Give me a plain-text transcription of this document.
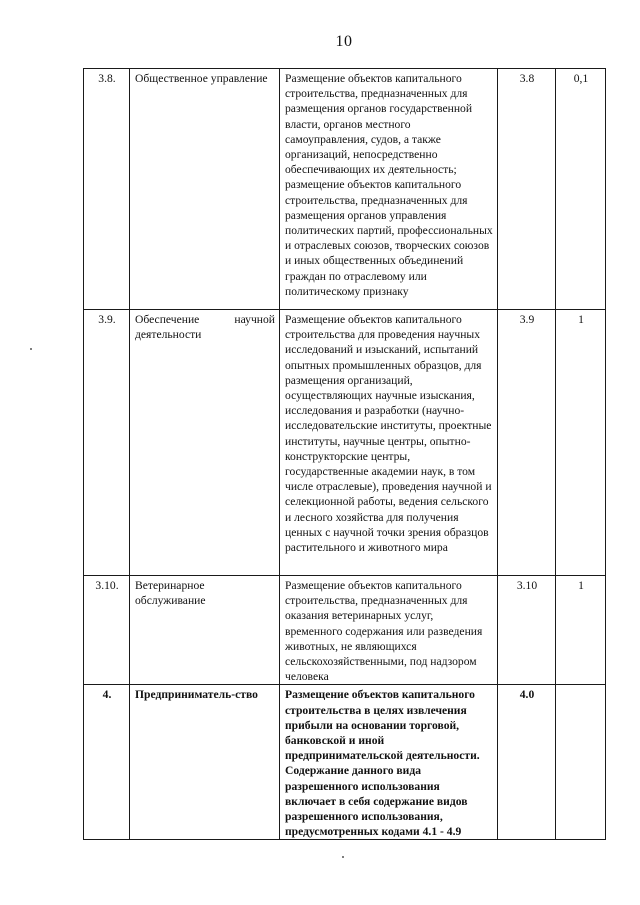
10
3.8.	Общественное управление	Размещение объектов капитального строительства, предназначенных для размещения органов государственной власти, органов местного самоуправления, судов, а также организаций, непосредственно обеспечивающих их деятельность; размещение объектов капитального строительства, предназначенных для размещения органов управления политических партий, профессиональных и отраслевых союзов, творческих союзов и иных общественных объединений граждан по отраслевому или политическому признаку	3.8	0,1
3.9.	Обеспечение научной деятельности	Размещение объектов капитального строительства для проведения научных исследований и изысканий, испытаний опытных промышленных образцов, для размещения организаций, осуществляющих научные изыскания, исследования и разработки (научно-исследовательские институты, проектные институты, научные центры, опытно-конструкторские центры, государственные академии наук, в том числе отраслевые), проведения научной и селекционной работы, ведения сельского и лесного хозяйства для получения ценных с научной точки зрения образцов растительного и животного мира	3.9	1
3.10.	Ветеринарное обслуживание	Размещение объектов капитального строительства, предназначенных для оказания ветеринарных услуг, временного содержания или разведения животных, не являющихся сельскохозяйственными, под надзором человека	3.10	1
4.	Предприниматель-ство	Размещение объектов капитального строительства в целях извлечения прибыли на основании торговой, банковской и иной предпринимательской деятельности. Содержание данного вида разрешенного использования включает в себя содержание видов разрешенного использования, предусмотренных кодами 4.1 - 4.9	4.0	
